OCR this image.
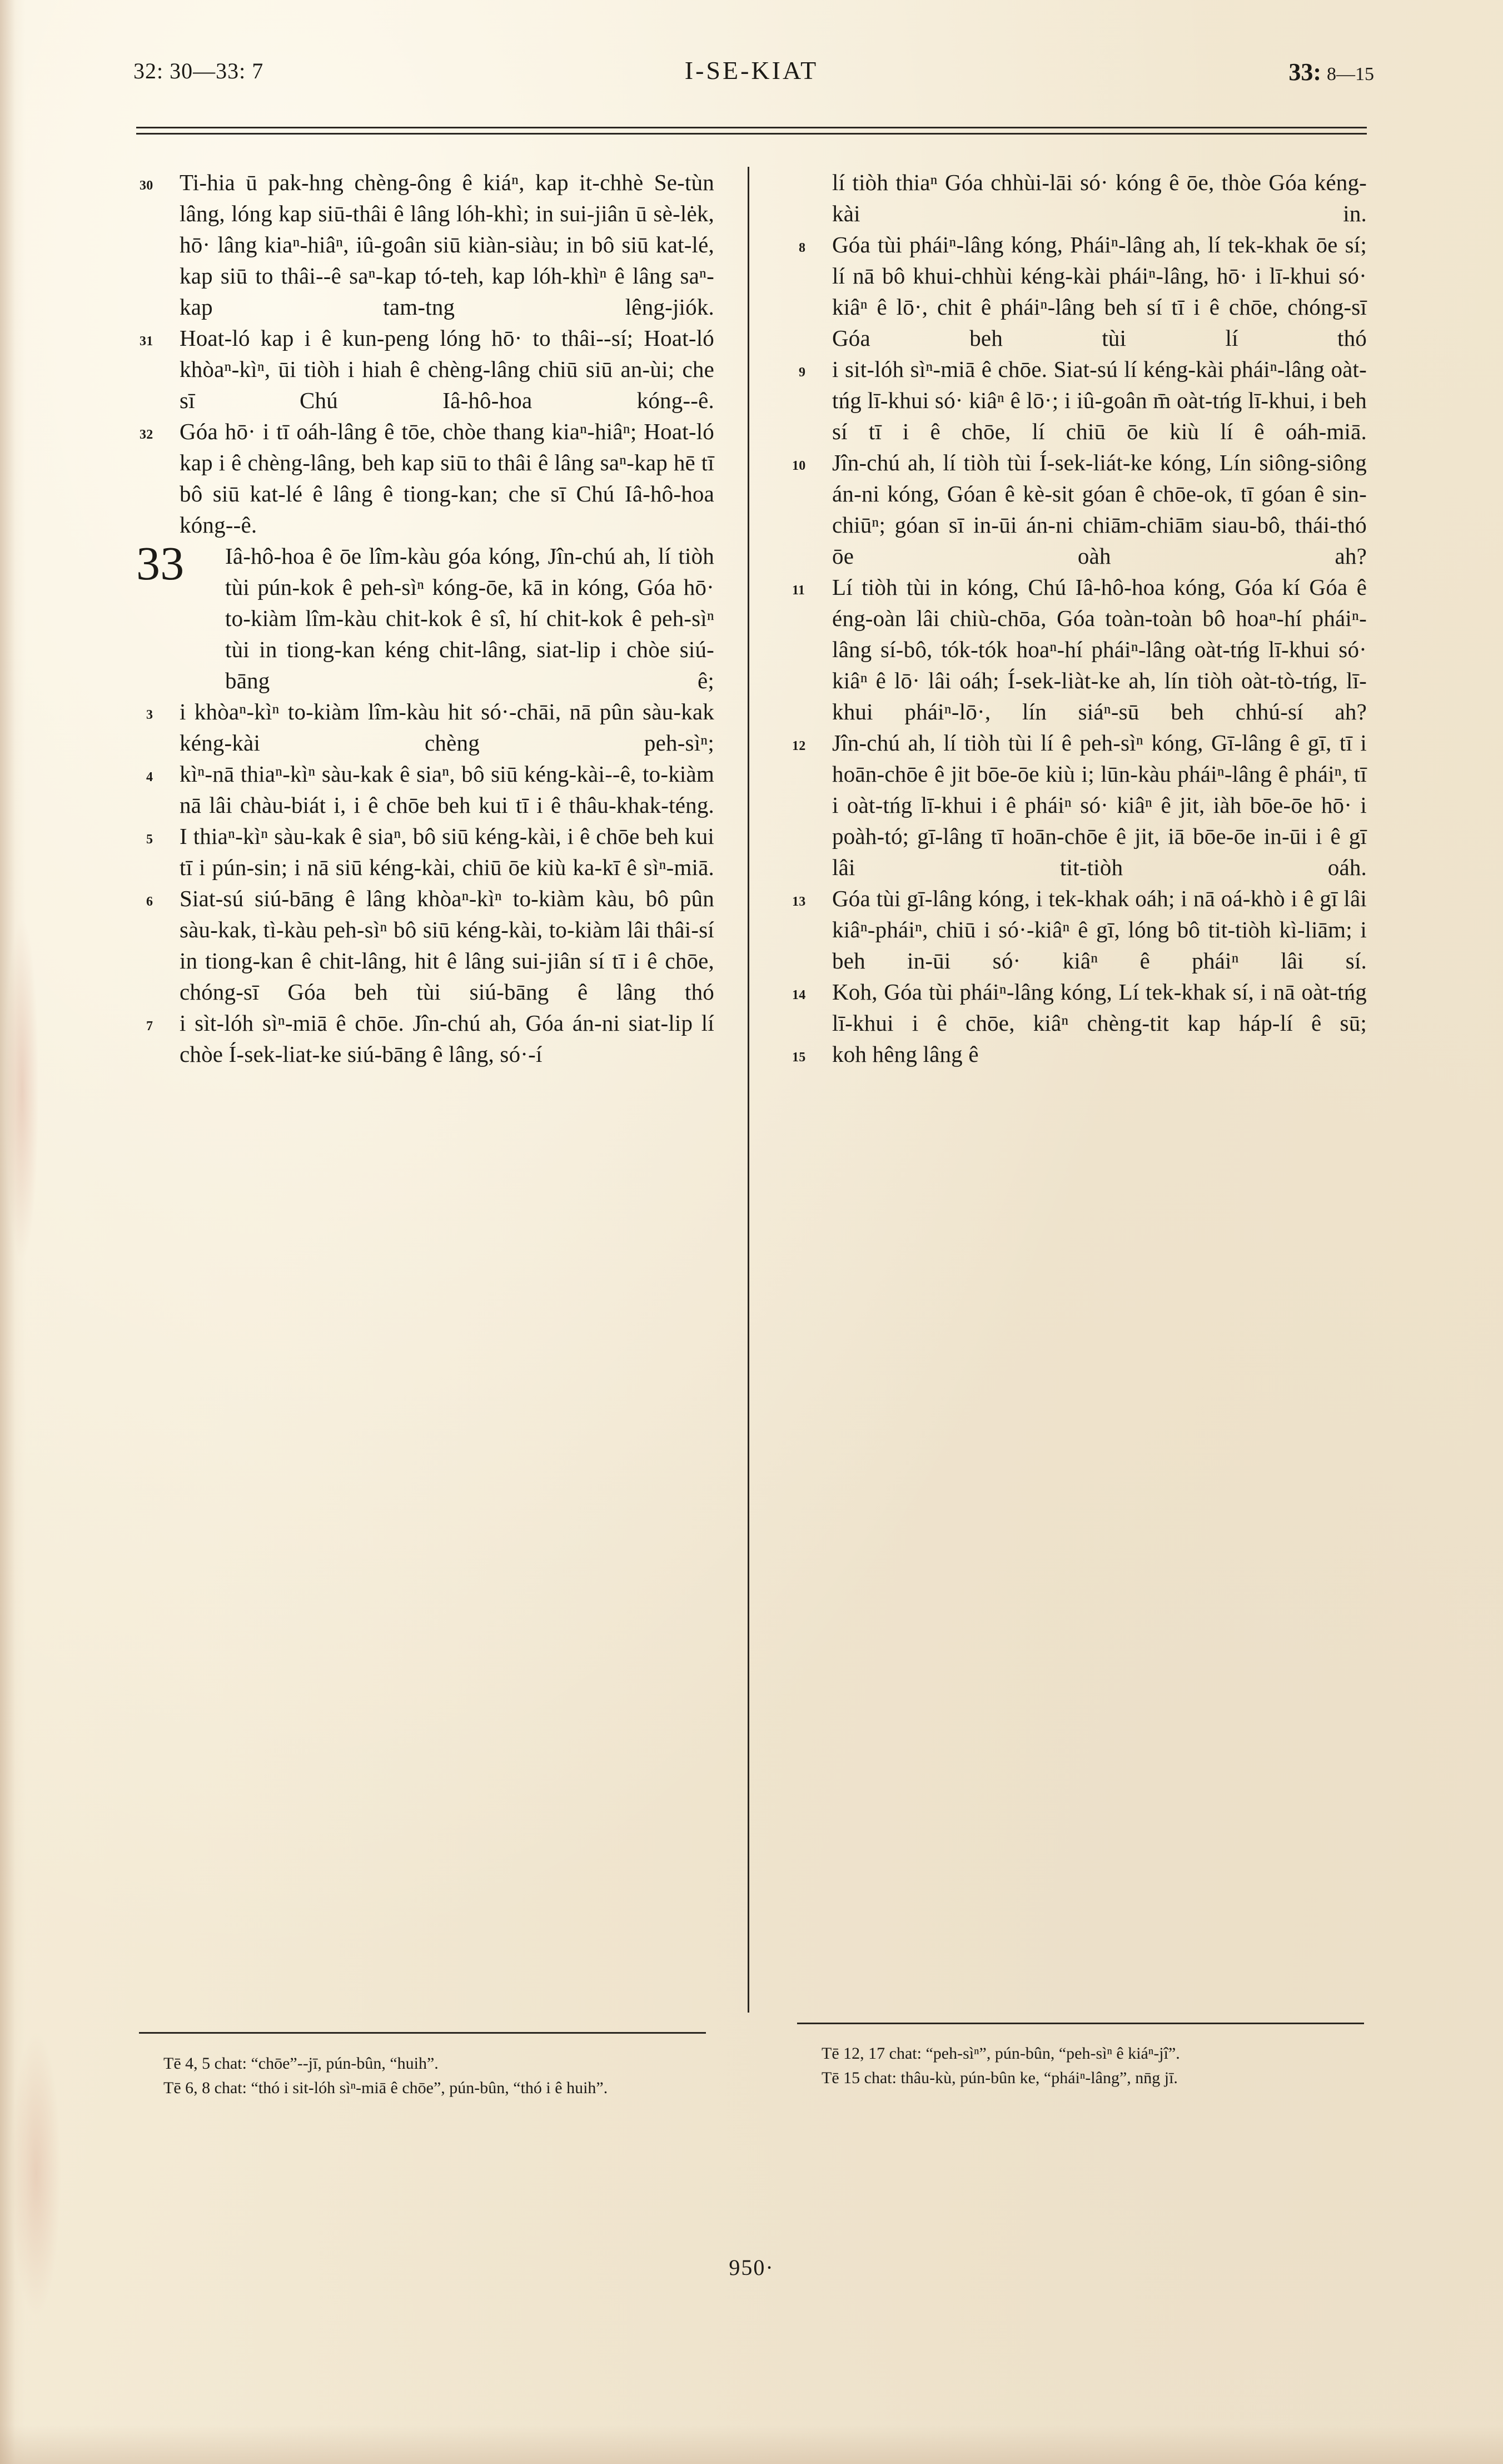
32: 30—33: 7	I-SE-KIAT	33: 8—15
30 Ti-hia ū pak-hng chèng-ông ê kiáⁿ, kap it-chhè Se-tùn lâng, lóng kap siū-thâi ê lâng lóh-khì; in sui-jiân ū sè-lėk, hō· lâng kiaⁿ-hiâⁿ, iû-goân siū kiàn-siàu; in bô siū kat-lé, kap siū to thâi--ê saⁿ-kap tó-teh, kap lóh-khìⁿ ê lâng saⁿ-kap tam-tng lêng-jiók.
31 Hoat-ló kap i ê kun-peng lóng hō· to thâi--sí; Hoat-ló khòaⁿ-kìⁿ, ūi tiòh i hiah ê chèng-lâng chiū siū an-ùi; che sī Chú Iâ-hô-hoa kóng--ê.
32 Góa hō· i tī oáh-lâng ê tōe, chòe thang kiaⁿ-hiâⁿ; Hoat-ló kap i ê chèng-lâng, beh kap siū to thâi ê lâng saⁿ-kap hē tī bô siū kat-lé ê lâng ê tiong-kan; che sī Chú Iâ-hô-hoa kóng--ê.
33 Iâ-hô-hoa ê ōe lîm-kàu góa kóng, Jîn-chú ah, lí tiòh tùi pún-kok ê peh-sìⁿ kóng-ōe, kā in kóng, Góa hō· to-kiàm lîm-kàu chit-kok ê sî, hí chit-kok ê peh-sìⁿ tùi in tiong-kan kéng chit-lâng, siat-lip i chòe siú-bāng ê;
3 i khòaⁿ-kìⁿ to-kiàm lîm-kàu hit só·-chāi, nā pûn sàu-kak kéng-kài chèng peh-sìⁿ;
4 kìⁿ-nā thiaⁿ-kìⁿ sàu-kak ê siaⁿ, bô siū kéng-kài--ê, to-kiàm nā lâi chàu-biát i, i ê chōe beh kui tī i ê thâu-khak-téng.
5 I thiaⁿ-kìⁿ sàu-kak ê siaⁿ, bô siū kéng-kài, i ê chōe beh kui tī i pún-sin; i nā siū kéng-kài, chiū ōe kiù ka-kī ê sìⁿ-miā.
6 Siat-sú siú-bāng ê lâng khòaⁿ-kìⁿ to-kiàm kàu, bô pûn sàu-kak, tì-kàu peh-sìⁿ bô siū kéng-kài, to-kiàm lâi thâi-sí in tiong-kan ê chit-lâng, hit ê lâng sui-jiân sí tī i ê chōe, chóng-sī Góa beh tùi siú-bāng ê lâng thó
7 i sìt-lóh sìⁿ-miā ê chōe. Jîn-chú ah, Góa án-ni siat-lip lí chòe Í-sek-liat-ke siú-bāng ê lâng, só·-í
lí tiòh thiaⁿ Góa chhùi-lāi só· kóng ê ōe, thòe Góa kéng-kài in.
8 Góa tùi pháiⁿ-lâng kóng, Pháiⁿ-lâng ah, lí tek-khak ōe sí; lí nā bô khui-chhùi kéng-kài pháiⁿ-lâng, hō· i lī-khui só· kiâⁿ ê lō·, chit ê pháiⁿ-lâng beh sí tī i ê chōe, chóng-sī Góa beh tùi lí thó
9 i sit-lóh sìⁿ-miā ê chōe. Siat-sú lí kéng-kài pháiⁿ-lâng oàt-tńg lī-khui só· kiâⁿ ê lō·; i iû-goân m̄ oàt-tńg lī-khui, i beh sí tī i ê chōe, lí chiū ōe kiù lí ê oáh-miā.
10 Jîn-chú ah, lí tiòh tùi Í-sek-liát-ke kóng, Lín siông-siông án-ni kóng, Góan ê kè-sit góan ê chōe-ok, tī góan ê sin-chiūⁿ; góan sī in-ūi án-ni chiām-chiām siau-bô, thái-thó ōe oàh ah?
11 Lí tiòh tùi in kóng, Chú Iâ-hô-hoa kóng, Góa kí Góa ê éng-oàn lâi chiù-chōa, Góa toàn-toàn bô hoaⁿ-hí pháiⁿ-lâng sí-bô, tók-tók hoaⁿ-hí pháiⁿ-lâng oàt-tńg lī-khui só· kiâⁿ ê lō· lâi oáh; Í-sek-liàt-ke ah, lín tiòh oàt-tò-tńg, lī-khui pháiⁿ-lō·, lín siáⁿ-sū beh chhú-sí ah?
12 Jîn-chú ah, lí tiòh tùi lí ê peh-sìⁿ kóng, Gī-lâng ê gī, tī i hoān-chōe ê jit bōe-ōe kiù i; lūn-kàu pháiⁿ-lâng ê pháiⁿ, tī i oàt-tńg lī-khui i ê pháiⁿ só· kiâⁿ ê jit, iàh bōe-ōe hō· i poàh-tó; gī-lâng tī hoān-chōe ê jit, iā bōe-ōe in-ūi i ê gī lâi tit-tiòh oáh.
13 Góa tùi gī-lâng kóng, i tek-khak oáh; i nā oá-khò i ê gī lâi kiâⁿ-pháiⁿ, chiū i só·-kiâⁿ ê gī, lóng bô tit-tiòh kì-liām; i beh in-ūi só· kiâⁿ ê pháiⁿ lâi sí.
14 Koh, Góa tùi pháiⁿ-lâng kóng, Lí tek-khak sí, i nā oàt-tńg lī-khui i ê chōe, kiâⁿ chèng-tit kap háp-lí ê sū;
15 koh hêng lâng ê

Tē 4, 5 chat: “chōe”--jī, pún-bûn, “huih”.

Tē 6, 8 chat: “thó i sit-lóh sìⁿ-miā ê chōe”, pún-bûn, “thó i ê huih”.

Tē 12, 17 chat: “peh-sìⁿ”, pún-bûn, “peh-sìⁿ ê kiáⁿ-jî”.

Tē 15 chat: thâu-kù, pún-bûn ke, “pháiⁿ-lâng”, nn̄g jī.

950·
